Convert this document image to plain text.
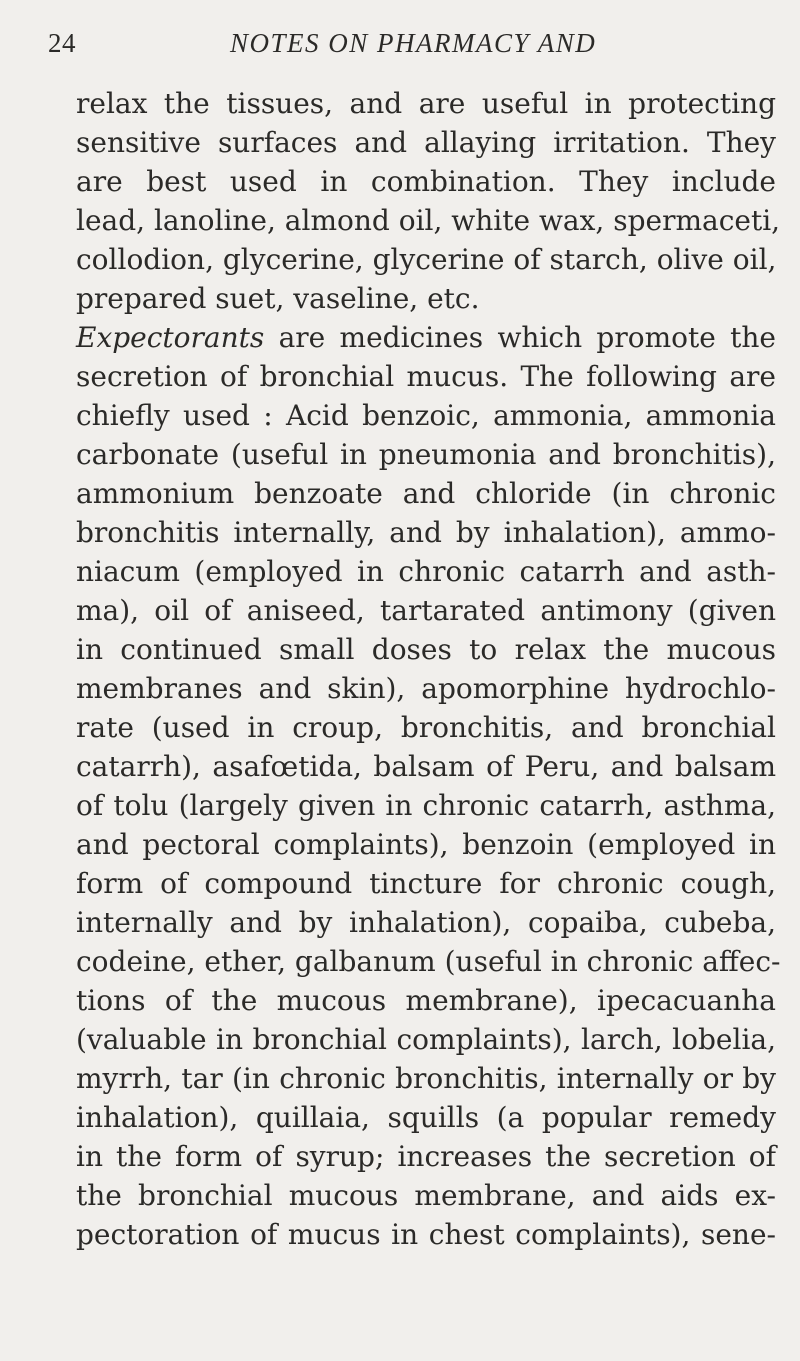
24	NOTES ON PHARMACY AND
relax the tissues, and are useful in protecting
sensitive surfaces and allaying irritation. They
are best used in combination. They include
lead, lanoline, almond oil, white wax, spermaceti,
collodion, glycerine, glycerine of starch, olive oil,
prepared suet, vaseline, etc.
Expectorants are medicines which promote the
secretion of bronchial mucus. The following are
chiefly used : Acid benzoic, ammonia, ammonia
carbonate (useful in pneumonia and bronchitis),
ammonium benzoate and chloride (in chronic
bronchitis internally, and by inhalation), ammo-
niacum (employed in chronic catarrh and asth-
ma), oil of aniseed, tartarated antimony (given
in continued small doses to relax the mucous
membranes and skin), apomorphine hydrochlo-
rate (used in croup, bronchitis, and bronchial
catarrh), asafœtida, balsam of Peru, and balsam
of tolu (largely given in chronic catarrh, asthma,
and pectoral complaints), benzoin (employed in
form of compound tincture for chronic cough,
internally and by inhalation), copaiba, cubeba,
codeine, ether, galbanum (useful in chronic affec-
tions of the mucous membrane), ipecacuanha
(valuable in bronchial complaints), larch, lobelia,
myrrh, tar (in chronic bronchitis, internally or by
inhalation), quillaia, squills (a popular remedy
in the form of syrup; increases the secretion of
the bronchial mucous membrane, and aids ex-
pectoration of mucus in chest complaints), sene-
